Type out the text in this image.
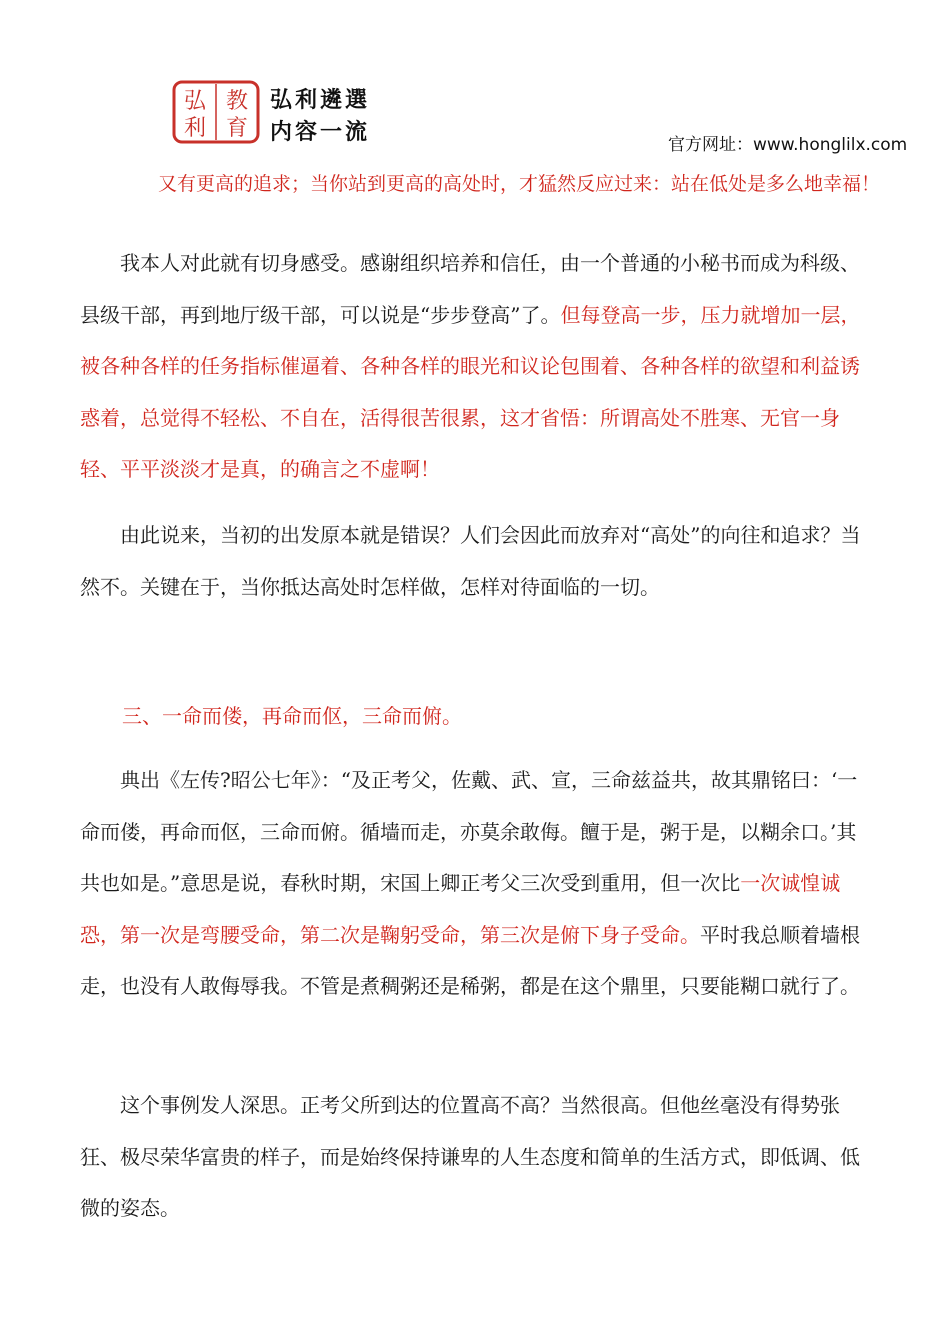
弘 教
利 育
弘利遴選
内容一流	官方网址：www.honglilx.com
又有更高的追求；当你站到更高的高处时，才猛然反应过来：站在低处是多么地幸福！
我本人对此就有切身感受。感谢组织培养和信任，由一个普通的小秘书而成为科级、县级干部，再到地厅级干部，可以说是“步步登高”了。但每登高一步，压力就增加一层，被各种各样的任务指标催逼着、各种各样的眼光和议论包围着、各种各样的欲望和利益诱惑着，总觉得不轻松、不自在，活得很苦很累，这才省悟：所谓高处不胜寒、无官一身轻、平平淡淡才是真，的确言之不虚啊！
由此说来，当初的出发原本就是错误？人们会因此而放弃对“高处”的向往和追求？当然不。关键在于，当你抵达高处时怎样做，怎样对待面临的一切。
三、一命而偻，再命而伛，三命而俯。
典出《左传?昭公七年》：“及正考父，佐戴、武、宣，三命兹益共，故其鼎铭曰：‘一命而偻，再命而伛，三命而俯。循墙而走，亦莫余敢侮。饘于是，粥于是，以糊余口。’其共也如是。”意思是说，春秋时期，宋国上卿正考父三次受到重用，但一次比一次诚惶诚恐，第一次是弯腰受命，第二次是鞠躬受命，第三次是俯下身子受命。平时我总顺着墙根走，也没有人敢侮辱我。不管是煮稠粥还是稀粥，都是在这个鼎里，只要能糊口就行了。
这个事例发人深思。正考父所到达的位置高不高？当然很高。但他丝毫没有得势张狂、极尽荣华富贵的样子，而是始终保持谦卑的人生态度和简单的生活方式，即低调、低微的姿态。
